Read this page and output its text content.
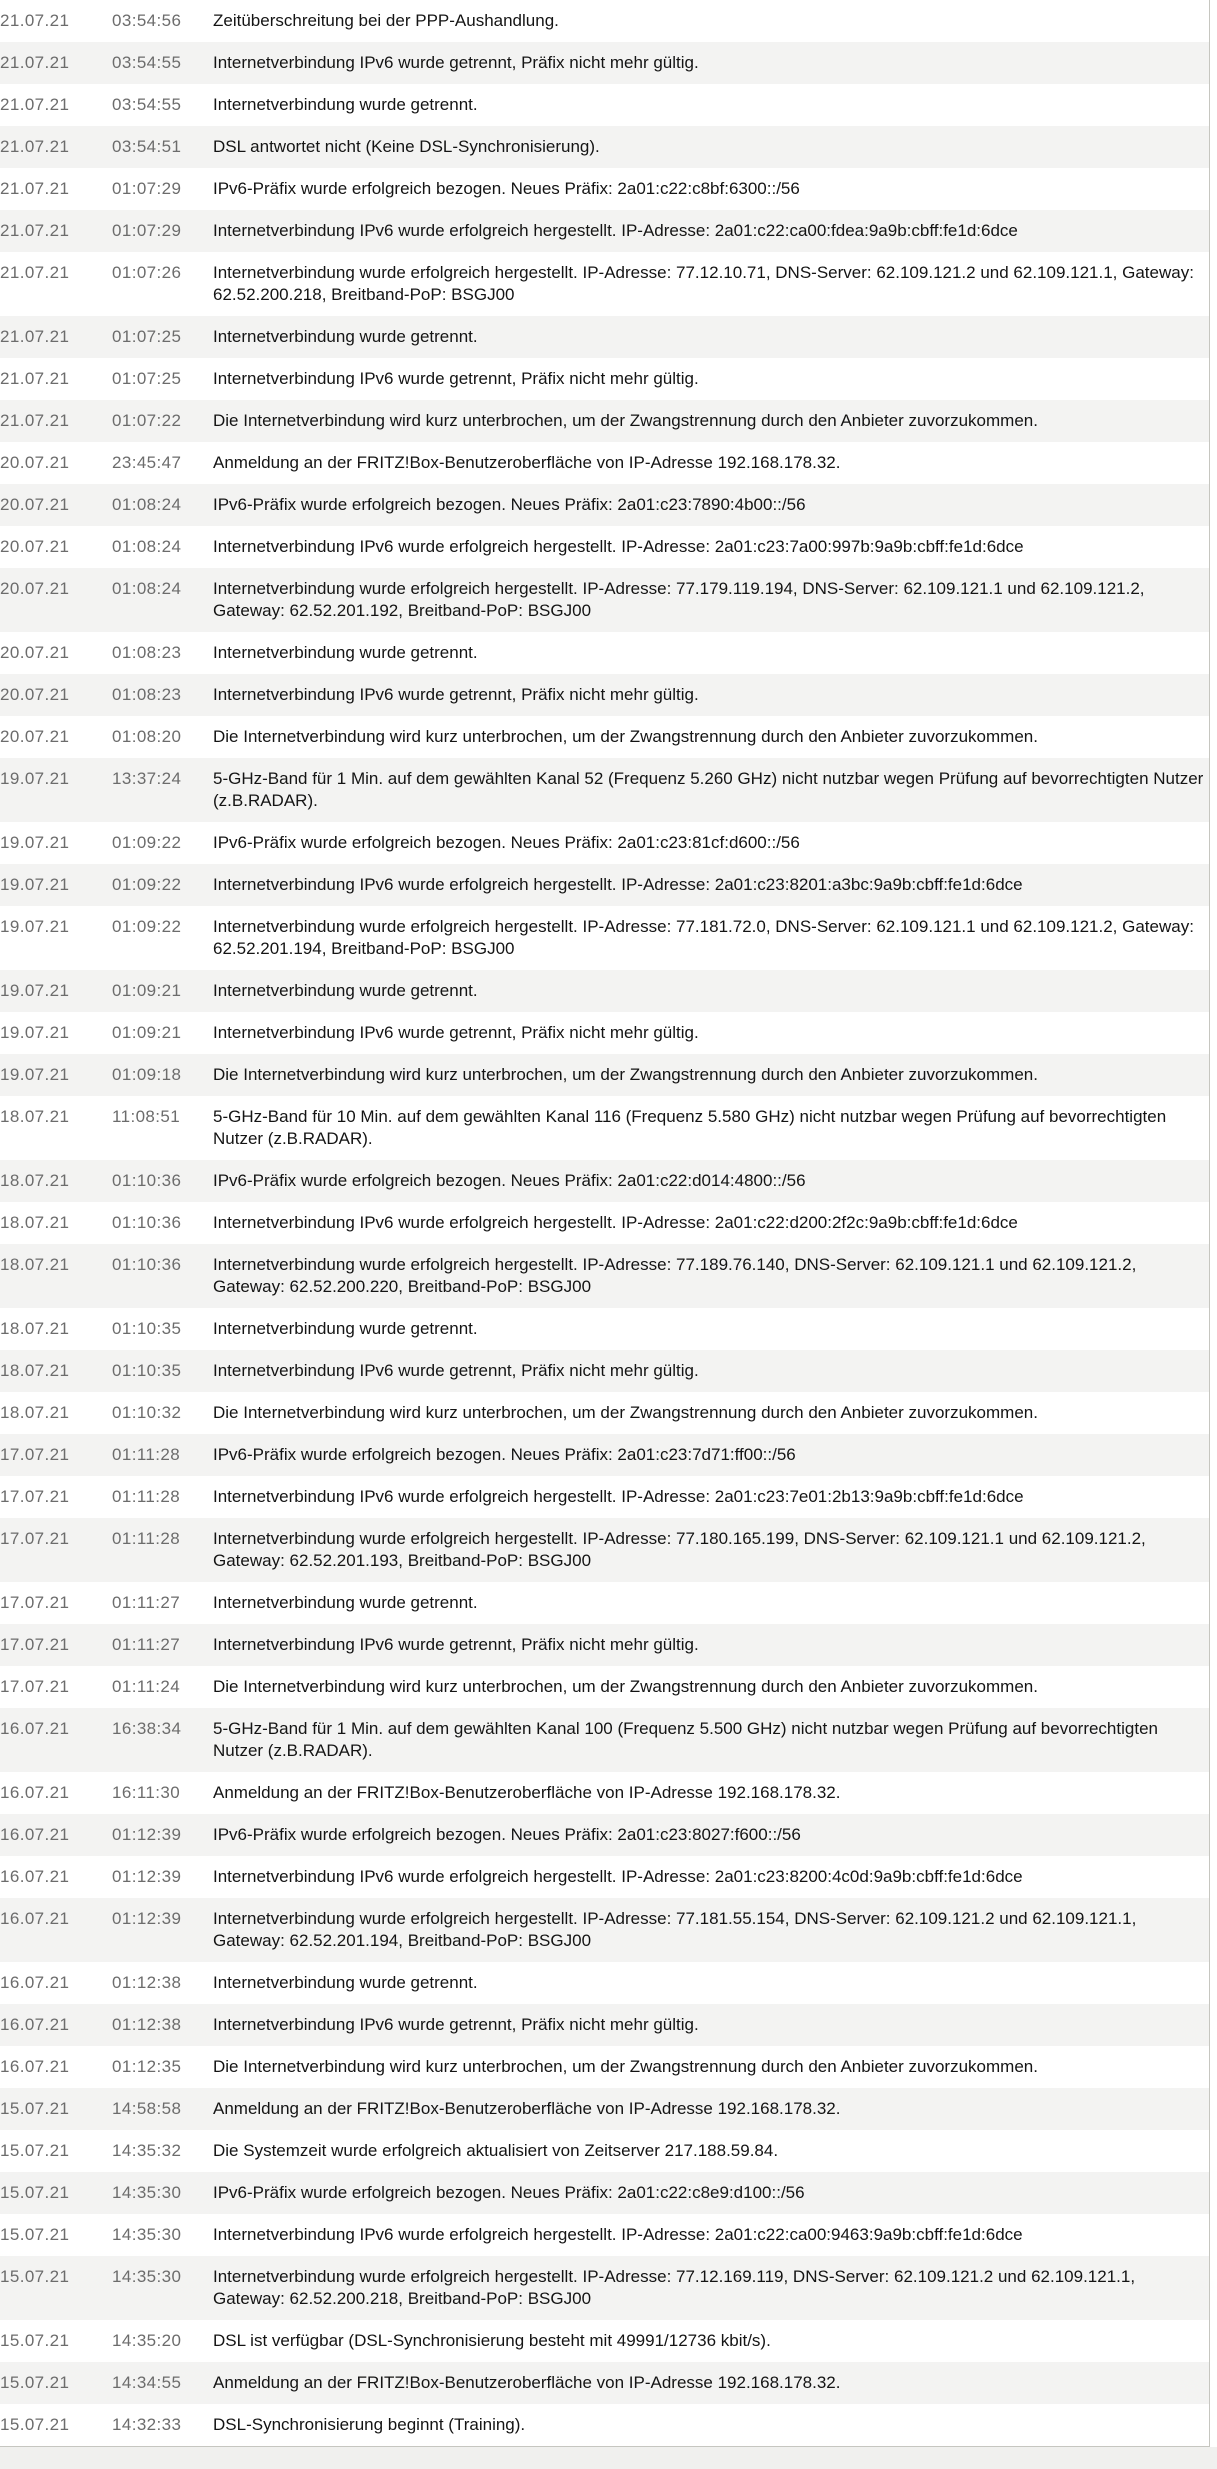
21.07.21	03:54:56	Zeitüberschreitung bei der PPP-Aushandlung.
21.07.21	03:54:55	Internetverbindung IPv6 wurde getrennt, Präfix nicht mehr gültig.
21.07.21	03:54:55	Internetverbindung wurde getrennt.
21.07.21	03:54:51	DSL antwortet nicht (Keine DSL-Synchronisierung).
21.07.21	01:07:29	IPv6-Präfix wurde erfolgreich bezogen. Neues Präfix: 2a01:c22:c8bf:6300::/56
21.07.21	01:07:29	Internetverbindung IPv6 wurde erfolgreich hergestellt. IP-Adresse: 2a01:c22:ca00:fdea:9a9b:cbff:fe1d:6dce
21.07.21	01:07:26	Internetverbindung wurde erfolgreich hergestellt. IP-Adresse: 77.12.10.71, DNS-Server: 62.109.121.2 und 62.109.121.1, Gateway: 62.52.200.218, Breitband-PoP: BSGJ00
21.07.21	01:07:25	Internetverbindung wurde getrennt.
21.07.21	01:07:25	Internetverbindung IPv6 wurde getrennt, Präfix nicht mehr gültig.
21.07.21	01:07:22	Die Internetverbindung wird kurz unterbrochen, um der Zwangstrennung durch den Anbieter zuvorzukommen.
20.07.21	23:45:47	Anmeldung an der FRITZ!Box-Benutzeroberfläche von IP-Adresse 192.168.178.32.
20.07.21	01:08:24	IPv6-Präfix wurde erfolgreich bezogen. Neues Präfix: 2a01:c23:7890:4b00::/56
20.07.21	01:08:24	Internetverbindung IPv6 wurde erfolgreich hergestellt. IP-Adresse: 2a01:c23:7a00:997b:9a9b:cbff:fe1d:6dce
20.07.21	01:08:24	Internetverbindung wurde erfolgreich hergestellt. IP-Adresse: 77.179.119.194, DNS-Server: 62.109.121.1 und 62.109.121.2, Gateway: 62.52.201.192, Breitband-PoP: BSGJ00
20.07.21	01:08:23	Internetverbindung wurde getrennt.
20.07.21	01:08:23	Internetverbindung IPv6 wurde getrennt, Präfix nicht mehr gültig.
20.07.21	01:08:20	Die Internetverbindung wird kurz unterbrochen, um der Zwangstrennung durch den Anbieter zuvorzukommen.
19.07.21	13:37:24	5-GHz-Band für 1 Min. auf dem gewählten Kanal 52 (Frequenz 5.260 GHz) nicht nutzbar wegen Prüfung auf bevorrechtigten Nutzer (z.B.RADAR).
19.07.21	01:09:22	IPv6-Präfix wurde erfolgreich bezogen. Neues Präfix: 2a01:c23:81cf:d600::/56
19.07.21	01:09:22	Internetverbindung IPv6 wurde erfolgreich hergestellt. IP-Adresse: 2a01:c23:8201:a3bc:9a9b:cbff:fe1d:6dce
19.07.21	01:09:22	Internetverbindung wurde erfolgreich hergestellt. IP-Adresse: 77.181.72.0, DNS-Server: 62.109.121.1 und 62.109.121.2, Gateway: 62.52.201.194, Breitband-PoP: BSGJ00
19.07.21	01:09:21	Internetverbindung wurde getrennt.
19.07.21	01:09:21	Internetverbindung IPv6 wurde getrennt, Präfix nicht mehr gültig.
19.07.21	01:09:18	Die Internetverbindung wird kurz unterbrochen, um der Zwangstrennung durch den Anbieter zuvorzukommen.
18.07.21	11:08:51	5-GHz-Band für 10 Min. auf dem gewählten Kanal 116 (Frequenz 5.580 GHz) nicht nutzbar wegen Prüfung auf bevorrechtigten Nutzer (z.B.RADAR).
18.07.21	01:10:36	IPv6-Präfix wurde erfolgreich bezogen. Neues Präfix: 2a01:c22:d014:4800::/56
18.07.21	01:10:36	Internetverbindung IPv6 wurde erfolgreich hergestellt. IP-Adresse: 2a01:c22:d200:2f2c:9a9b:cbff:fe1d:6dce
18.07.21	01:10:36	Internetverbindung wurde erfolgreich hergestellt. IP-Adresse: 77.189.76.140, DNS-Server: 62.109.121.1 und 62.109.121.2, Gateway: 62.52.200.220, Breitband-PoP: BSGJ00
18.07.21	01:10:35	Internetverbindung wurde getrennt.
18.07.21	01:10:35	Internetverbindung IPv6 wurde getrennt, Präfix nicht mehr gültig.
18.07.21	01:10:32	Die Internetverbindung wird kurz unterbrochen, um der Zwangstrennung durch den Anbieter zuvorzukommen.
17.07.21	01:11:28	IPv6-Präfix wurde erfolgreich bezogen. Neues Präfix: 2a01:c23:7d71:ff00::/56
17.07.21	01:11:28	Internetverbindung IPv6 wurde erfolgreich hergestellt. IP-Adresse: 2a01:c23:7e01:2b13:9a9b:cbff:fe1d:6dce
17.07.21	01:11:28	Internetverbindung wurde erfolgreich hergestellt. IP-Adresse: 77.180.165.199, DNS-Server: 62.109.121.1 und 62.109.121.2, Gateway: 62.52.201.193, Breitband-PoP: BSGJ00
17.07.21	01:11:27	Internetverbindung wurde getrennt.
17.07.21	01:11:27	Internetverbindung IPv6 wurde getrennt, Präfix nicht mehr gültig.
17.07.21	01:11:24	Die Internetverbindung wird kurz unterbrochen, um der Zwangstrennung durch den Anbieter zuvorzukommen.
16.07.21	16:38:34	5-GHz-Band für 1 Min. auf dem gewählten Kanal 100 (Frequenz 5.500 GHz) nicht nutzbar wegen Prüfung auf bevorrechtigten Nutzer (z.B.RADAR).
16.07.21	16:11:30	Anmeldung an der FRITZ!Box-Benutzeroberfläche von IP-Adresse 192.168.178.32.
16.07.21	01:12:39	IPv6-Präfix wurde erfolgreich bezogen. Neues Präfix: 2a01:c23:8027:f600::/56
16.07.21	01:12:39	Internetverbindung IPv6 wurde erfolgreich hergestellt. IP-Adresse: 2a01:c23:8200:4c0d:9a9b:cbff:fe1d:6dce
16.07.21	01:12:39	Internetverbindung wurde erfolgreich hergestellt. IP-Adresse: 77.181.55.154, DNS-Server: 62.109.121.2 und 62.109.121.1, Gateway: 62.52.201.194, Breitband-PoP: BSGJ00
16.07.21	01:12:38	Internetverbindung wurde getrennt.
16.07.21	01:12:38	Internetverbindung IPv6 wurde getrennt, Präfix nicht mehr gültig.
16.07.21	01:12:35	Die Internetverbindung wird kurz unterbrochen, um der Zwangstrennung durch den Anbieter zuvorzukommen.
15.07.21	14:58:58	Anmeldung an der FRITZ!Box-Benutzeroberfläche von IP-Adresse 192.168.178.32.
15.07.21	14:35:32	Die Systemzeit wurde erfolgreich aktualisiert von Zeitserver 217.188.59.84.
15.07.21	14:35:30	IPv6-Präfix wurde erfolgreich bezogen. Neues Präfix: 2a01:c22:c8e9:d100::/56
15.07.21	14:35:30	Internetverbindung IPv6 wurde erfolgreich hergestellt. IP-Adresse: 2a01:c22:ca00:9463:9a9b:cbff:fe1d:6dce
15.07.21	14:35:30	Internetverbindung wurde erfolgreich hergestellt. IP-Adresse: 77.12.169.119, DNS-Server: 62.109.121.2 und 62.109.121.1, Gateway: 62.52.200.218, Breitband-PoP: BSGJ00
15.07.21	14:35:20	DSL ist verfügbar (DSL-Synchronisierung besteht mit 49991/12736 kbit/s).
15.07.21	14:34:55	Anmeldung an der FRITZ!Box-Benutzeroberfläche von IP-Adresse 192.168.178.32.
15.07.21	14:32:33	DSL-Synchronisierung beginnt (Training).
